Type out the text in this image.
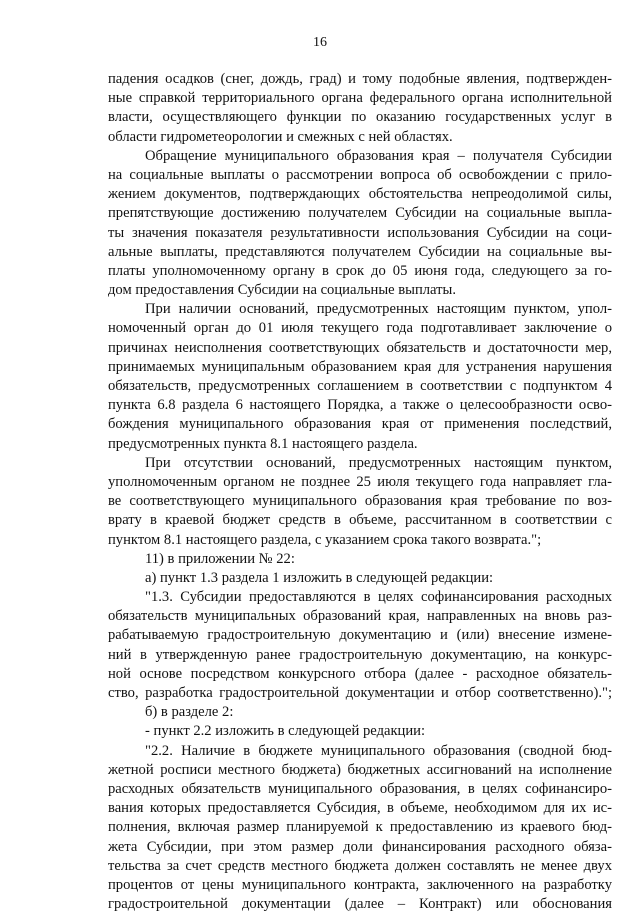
16
падения осадков (снег, дождь, град) и тому подобные явления, подтвержден-
ные справкой территориального органа федерального органа исполнительной
власти, осуществляющего функции по оказанию государственных услуг в
области гидрометеорологии и смежных с ней областях.
Обращение муниципального образования края – получателя Субсидии
на социальные выплаты о рассмотрении вопроса об освобождении с прило-
жением документов, подтверждающих обстоятельства непреодолимой силы,
препятствующие достижению получателем Субсидии на социальные выпла-
ты значения показателя результативности использования Субсидии на соци-
альные выплаты, представляются получателем Субсидии на социальные вы-
платы уполномоченному органу в срок до 05 июня года, следующего за го-
дом предоставления Субсидии на социальные выплаты.
При наличии оснований, предусмотренных настоящим пунктом, упол-
номоченный орган до 01 июля текущего года подготавливает заключение о
причинах неисполнения соответствующих обязательств и достаточности мер,
принимаемых муниципальным образованием края для устранения нарушения
обязательств, предусмотренных соглашением в соответствии с подпунктом 4
пункта 6.8 раздела 6 настоящего Порядка, а также о целесообразности осво-
бождения муниципального образования края от применения последствий,
предусмотренных пункта 8.1 настоящего раздела.
При отсутствии оснований, предусмотренных настоящим пунктом,
уполномоченным органом не позднее 25 июля текущего года направляет гла-
ве соответствующего муниципального образования края требование по воз-
врату в краевой бюджет средств в объеме, рассчитанном в соответствии с
пунктом 8.1 настоящего раздела, с указанием срока такого возврата.";
11) в приложении № 22:
а) пункт 1.3 раздела 1 изложить в следующей редакции:
"1.3. Субсидии предоставляются в целях софинансирования расходных
обязательств муниципальных образований края, направленных на вновь раз-
рабатываемую градостроительную документацию и (или) внесение измене-
ний в утвержденную ранее градостроительную документацию, на конкурс-
ной основе посредством конкурсного отбора (далее - расходное обязатель-
ство, разработка градостроительной документации и отбор соответственно).";
б) в разделе 2:
- пункт 2.2 изложить в следующей редакции:
"2.2. Наличие в бюджете муниципального образования (сводной бюд-
жетной росписи местного бюджета) бюджетных ассигнований на исполнение
расходных обязательств муниципального образования, в целях софинансиро-
вания которых предоставляется Субсидия, в объеме, необходимом для их ис-
полнения, включая размер планируемой к предоставлению из краевого бюд-
жета Субсидии, при этом размер доли финансирования расходного обяза-
тельства за счет средств местного бюджета должен составлять не менее двух
процентов от цены муниципального контракта, заключенного на разработку
градостроительной документации (далее – Контракт) или обоснования
